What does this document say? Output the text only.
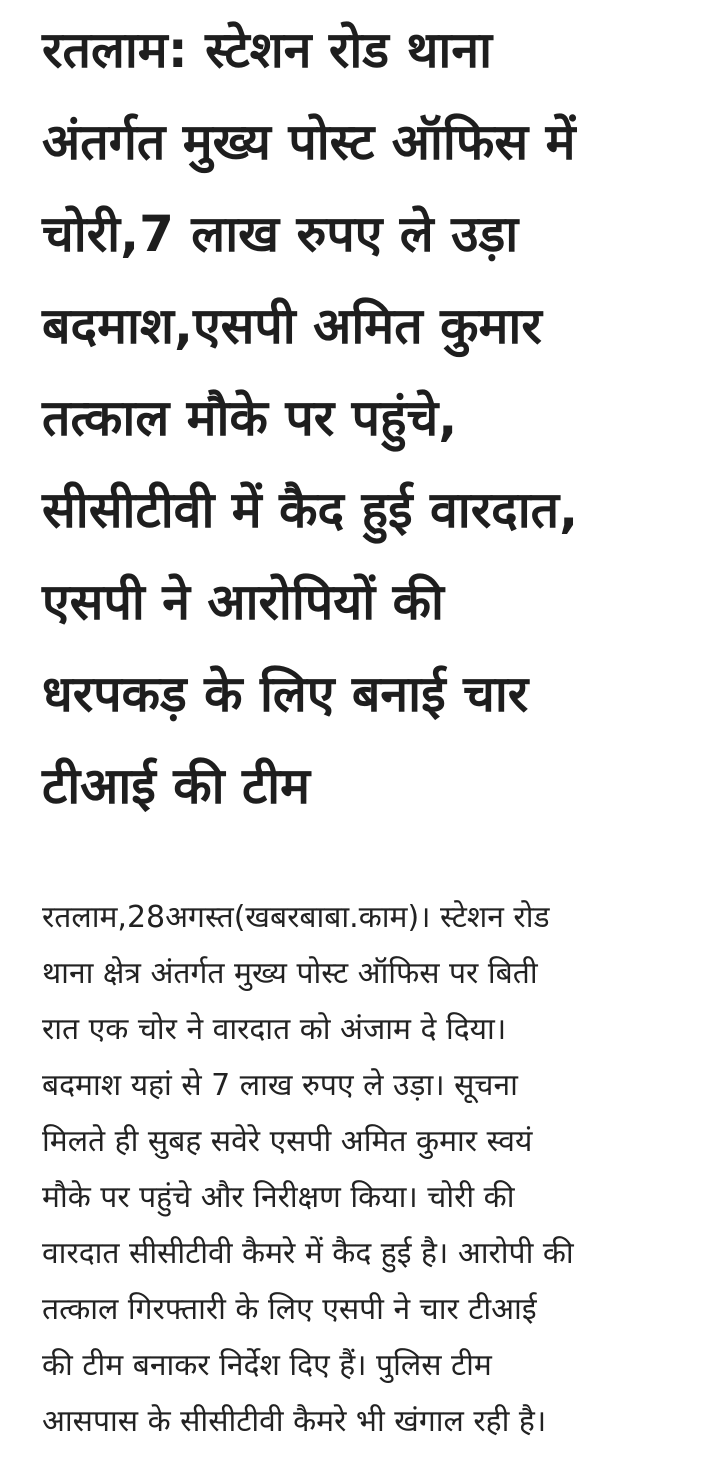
रतलाम: स्टेशन रोड थाना
अंतर्गत मुख्य पोस्ट ऑफिस में
चोरी,7 लाख रुपए ले उड़ा
बदमाश,एसपी अमित कुमार
तत्काल मौके पर पहुंचे,
सीसीटीवी में कैद हुई वारदात,
एसपी ने आरोपियों की
धरपकड़ के लिए बनाई चार
टीआई की टीम

रतलाम,28अगस्त(खबरबाबा.काम)। स्टेशन रोड
थाना क्षेत्र अंतर्गत मुख्य पोस्ट ऑफिस पर बिती
रात एक चोर ने वारदात को अंजाम दे दिया।
बदमाश यहां से 7 लाख रुपए ले उड़ा। सूचना
मिलते ही सुबह सवेरे एसपी अमित कुमार स्वयं
मौके पर पहुंचे और निरीक्षण किया। चोरी की
वारदात सीसीटीवी कैमरे में कैद हुई है। आरोपी की
तत्काल गिरफ्तारी के लिए एसपी ने चार टीआई
की टीम बनाकर निर्देश दिए हैं। पुलिस टीम
आसपास के सीसीटीवी कैमरे भी खंगाल रही है।
